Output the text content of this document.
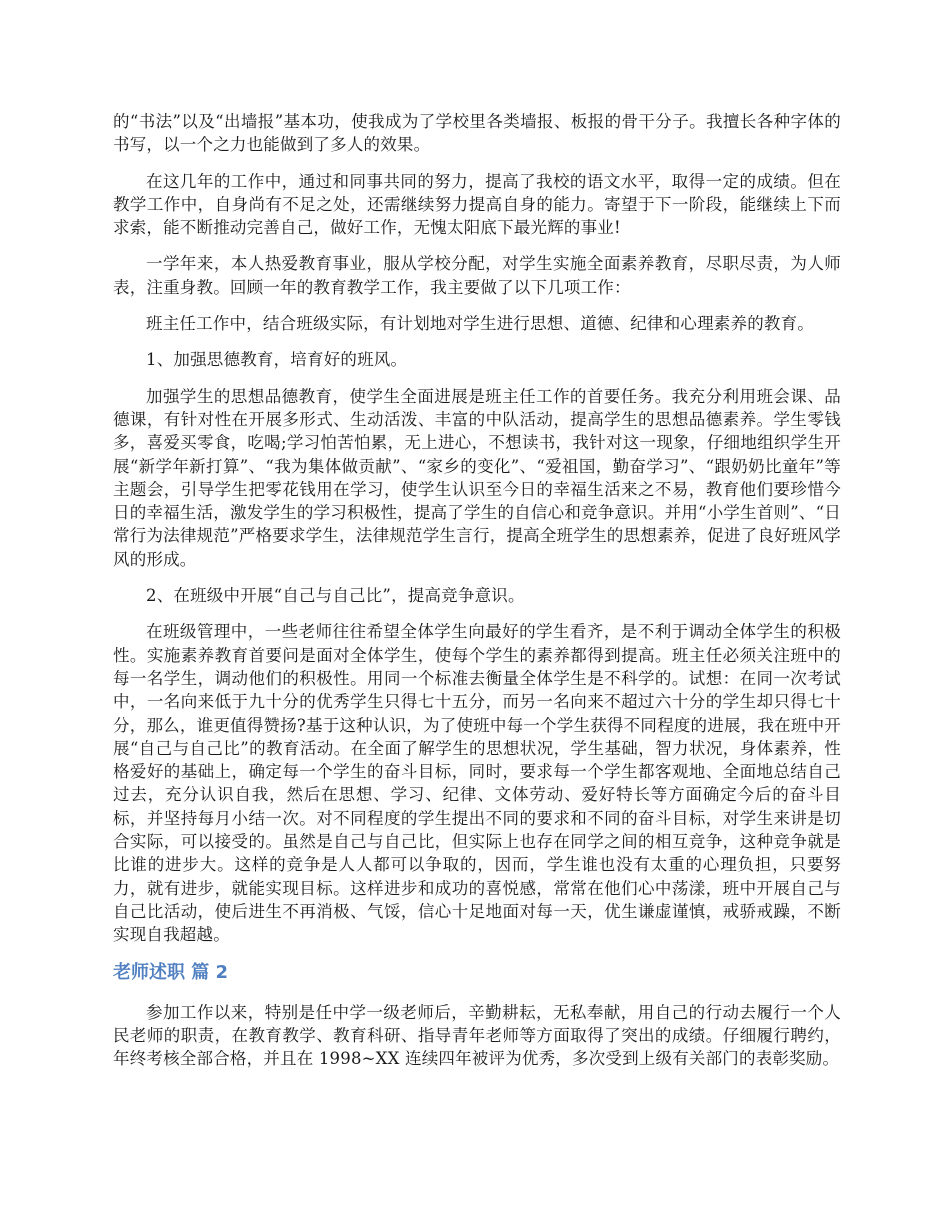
的“书法”以及“出墙报”基本功，使我成为了学校里各类墙报、板报的骨干分子。我擅长各种字体的书写，以一个之力也能做到了多人的效果。

在这几年的工作中，通过和同事共同的努力，提高了我校的语文水平，取得一定的成绩。但在教学工作中，自身尚有不足之处，还需继续努力提高自身的能力。寄望于下一阶段，能继续上下而求索，能不断推动完善自己，做好工作，无愧太阳底下最光辉的事业!

一学年来，本人热爱教育事业，服从学校分配，对学生实施全面素养教育，尽职尽责，为人师表，注重身教。回顾一年的教育教学工作，我主要做了以下几项工作：

班主任工作中，结合班级实际，有计划地对学生进行思想、道德、纪律和心理素养的教育。

1、加强思德教育，培育好的班风。

加强学生的思想品德教育，使学生全面进展是班主任工作的首要任务。我充分利用班会课、品德课，有针对性在开展多形式、生动活泼、丰富的中队活动，提高学生的思想品德素养。学生零钱多，喜爱买零食，吃喝;学习怕苦怕累，无上进心，不想读书，我针对这一现象，仔细地组织学生开展“新学年新打算”、“我为集体做贡献”、“家乡的变化”、“爱祖国，勤奋学习”、“跟奶奶比童年”等主题会，引导学生把零花钱用在学习，使学生认识至今日的幸福生活来之不易，教育他们要珍惜今日的幸福生活，激发学生的学习积极性，提高了学生的自信心和竞争意识。并用“小学生首则”、“日常行为法律规范”严格要求学生，法律规范学生言行，提高全班学生的思想素养，促进了良好班风学风的形成。

2、在班级中开展“自己与自己比”，提高竞争意识。

在班级管理中，一些老师往往希望全体学生向最好的学生看齐，是不利于调动全体学生的积极性。实施素养教育首要问是面对全体学生，使每个学生的素养都得到提高。班主任必须关注班中的每一名学生，调动他们的积极性。用同一个标准去衡量全体学生是不科学的。试想：在同一次考试中，一名向来低于九十分的优秀学生只得七十五分，而另一名向来不超过六十分的学生却只得七十分，那么，谁更值得赞扬?基于这种认识，为了使班中每一个学生获得不同程度的进展，我在班中开展“自己与自己比”的教育活动。在全面了解学生的思想状况，学生基础，智力状况，身体素养，性格爱好的基础上，确定每一个学生的奋斗目标，同时，要求每一个学生都客观地、全面地总结自己过去，充分认识自我，然后在思想、学习、纪律、文体劳动、爱好特长等方面确定今后的奋斗目标，并坚持每月小结一次。对不同程度的学生提出不同的要求和不同的奋斗目标，对学生来讲是切合实际，可以接受的。虽然是自己与自己比，但实际上也存在同学之间的相互竞争，这种竞争就是比谁的进步大。这样的竞争是人人都可以争取的，因而，学生谁也没有太重的心理负担，只要努力，就有进步，就能实现目标。这样进步和成功的喜悦感，常常在他们心中荡漾，班中开展自己与自己比活动，使后进生不再消极、气馁，信心十足地面对每一天，优生谦虚谨慎，戒骄戒躁，不断实现自我超越。

老师述职 篇 2

参加工作以来，特别是任中学一级老师后，辛勤耕耘，无私奉献，用自己的行动去履行一个人民老师的职责，在教育教学、教育科研、指导青年老师等方面取得了突出的成绩。仔细履行聘约，年终考核全部合格，并且在 1998~XX 连续四年被评为优秀，多次受到上级有关部门的表彰奖励。
